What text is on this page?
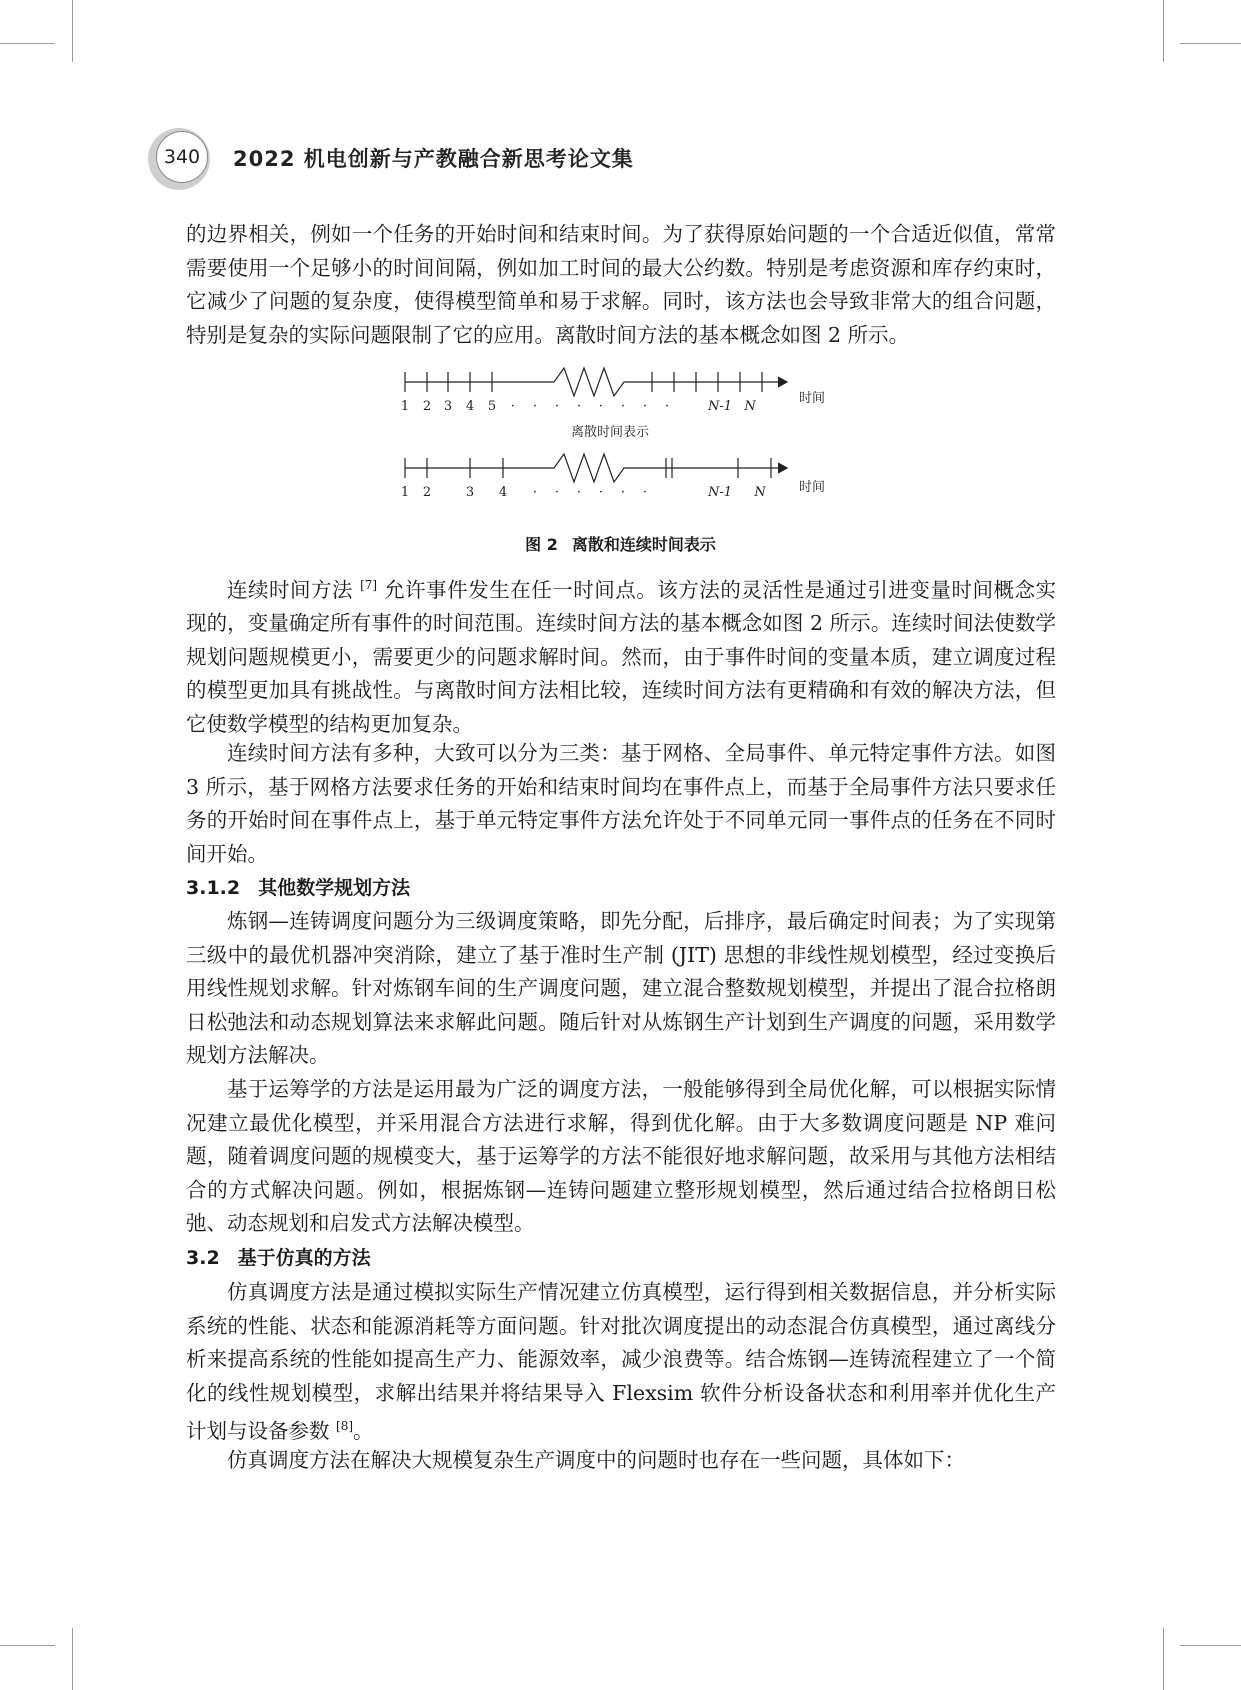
340	2022 机电创新与产教融合新思考论文集

的边界相关，例如一个任务的开始时间和结束时间。为了获得原始问题的一个合适近似值，常常需要使用一个足够小的时间间隔，例如加工时间的最大公约数。特别是考虑资源和库存约束时，它减少了问题的复杂度，使得模型简单和易于求解。同时，该方法也会导致非常大的组合问题，特别是复杂的实际问题限制了它的应用。离散时间方法的基本概念如图 2 所示。

1 2 3 4 5 · · · · · · · ·	N-1 N
时间
离散时间表示
1 2	3 4 · · · · · ·	N-1 N	时间
图 2 离散和连续时间表示

连续时间方法 [7] 允许事件发生在任一时间点。该方法的灵活性是通过引进变量时间概念实现的，变量确定所有事件的时间范围。连续时间方法的基本概念如图 2 所示。连续时间法使数学规划问题规模更小，需要更少的问题求解时间。然而，由于事件时间的变量本质，建立调度过程的模型更加具有挑战性。与离散时间方法相比较，连续时间方法有更精确和有效的解决方法，但它使数学模型的结构更加复杂。

连续时间方法有多种，大致可以分为三类：基于网格、全局事件、单元特定事件方法。如图 3 所示，基于网格方法要求任务的开始和结束时间均在事件点上，而基于全局事件方法只要求任务的开始时间在事件点上，基于单元特定事件方法允许处于不同单元同一事件点的任务在不同时间开始。

3.1.2 其他数学规划方法

炼钢—连铸调度问题分为三级调度策略，即先分配，后排序，最后确定时间表；为了实现第三级中的最优机器冲突消除，建立了基于准时生产制 (JIT) 思想的非线性规划模型，经过变换后用线性规划求解。针对炼钢车间的生产调度问题，建立混合整数规划模型，并提出了混合拉格朗日松弛法和动态规划算法来求解此问题。随后针对从炼钢生产计划到生产调度的问题，采用数学规划方法解决。

基于运筹学的方法是运用最为广泛的调度方法，一般能够得到全局优化解，可以根据实际情况建立最优化模型，并采用混合方法进行求解，得到优化解。由于大多数调度问题是 NP 难问题，随着调度问题的规模变大，基于运筹学的方法不能很好地求解问题，故采用与其他方法相结合的方式解决问题。例如，根据炼钢—连铸问题建立整形规划模型，然后通过结合拉格朗日松弛、动态规划和启发式方法解决模型。

3.2 基于仿真的方法

仿真调度方法是通过模拟实际生产情况建立仿真模型，运行得到相关数据信息，并分析实际系统的性能、状态和能源消耗等方面问题。针对批次调度提出的动态混合仿真模型，通过离线分析来提高系统的性能如提高生产力、能源效率，减少浪费等。结合炼钢—连铸流程建立了一个简化的线性规划模型，求解出结果并将结果导入 Flexsim 软件分析设备状态和利用率并优化生产计划与设备参数 [8]。

仿真调度方法在解决大规模复杂生产调度中的问题时也存在一些问题，具体如下：
